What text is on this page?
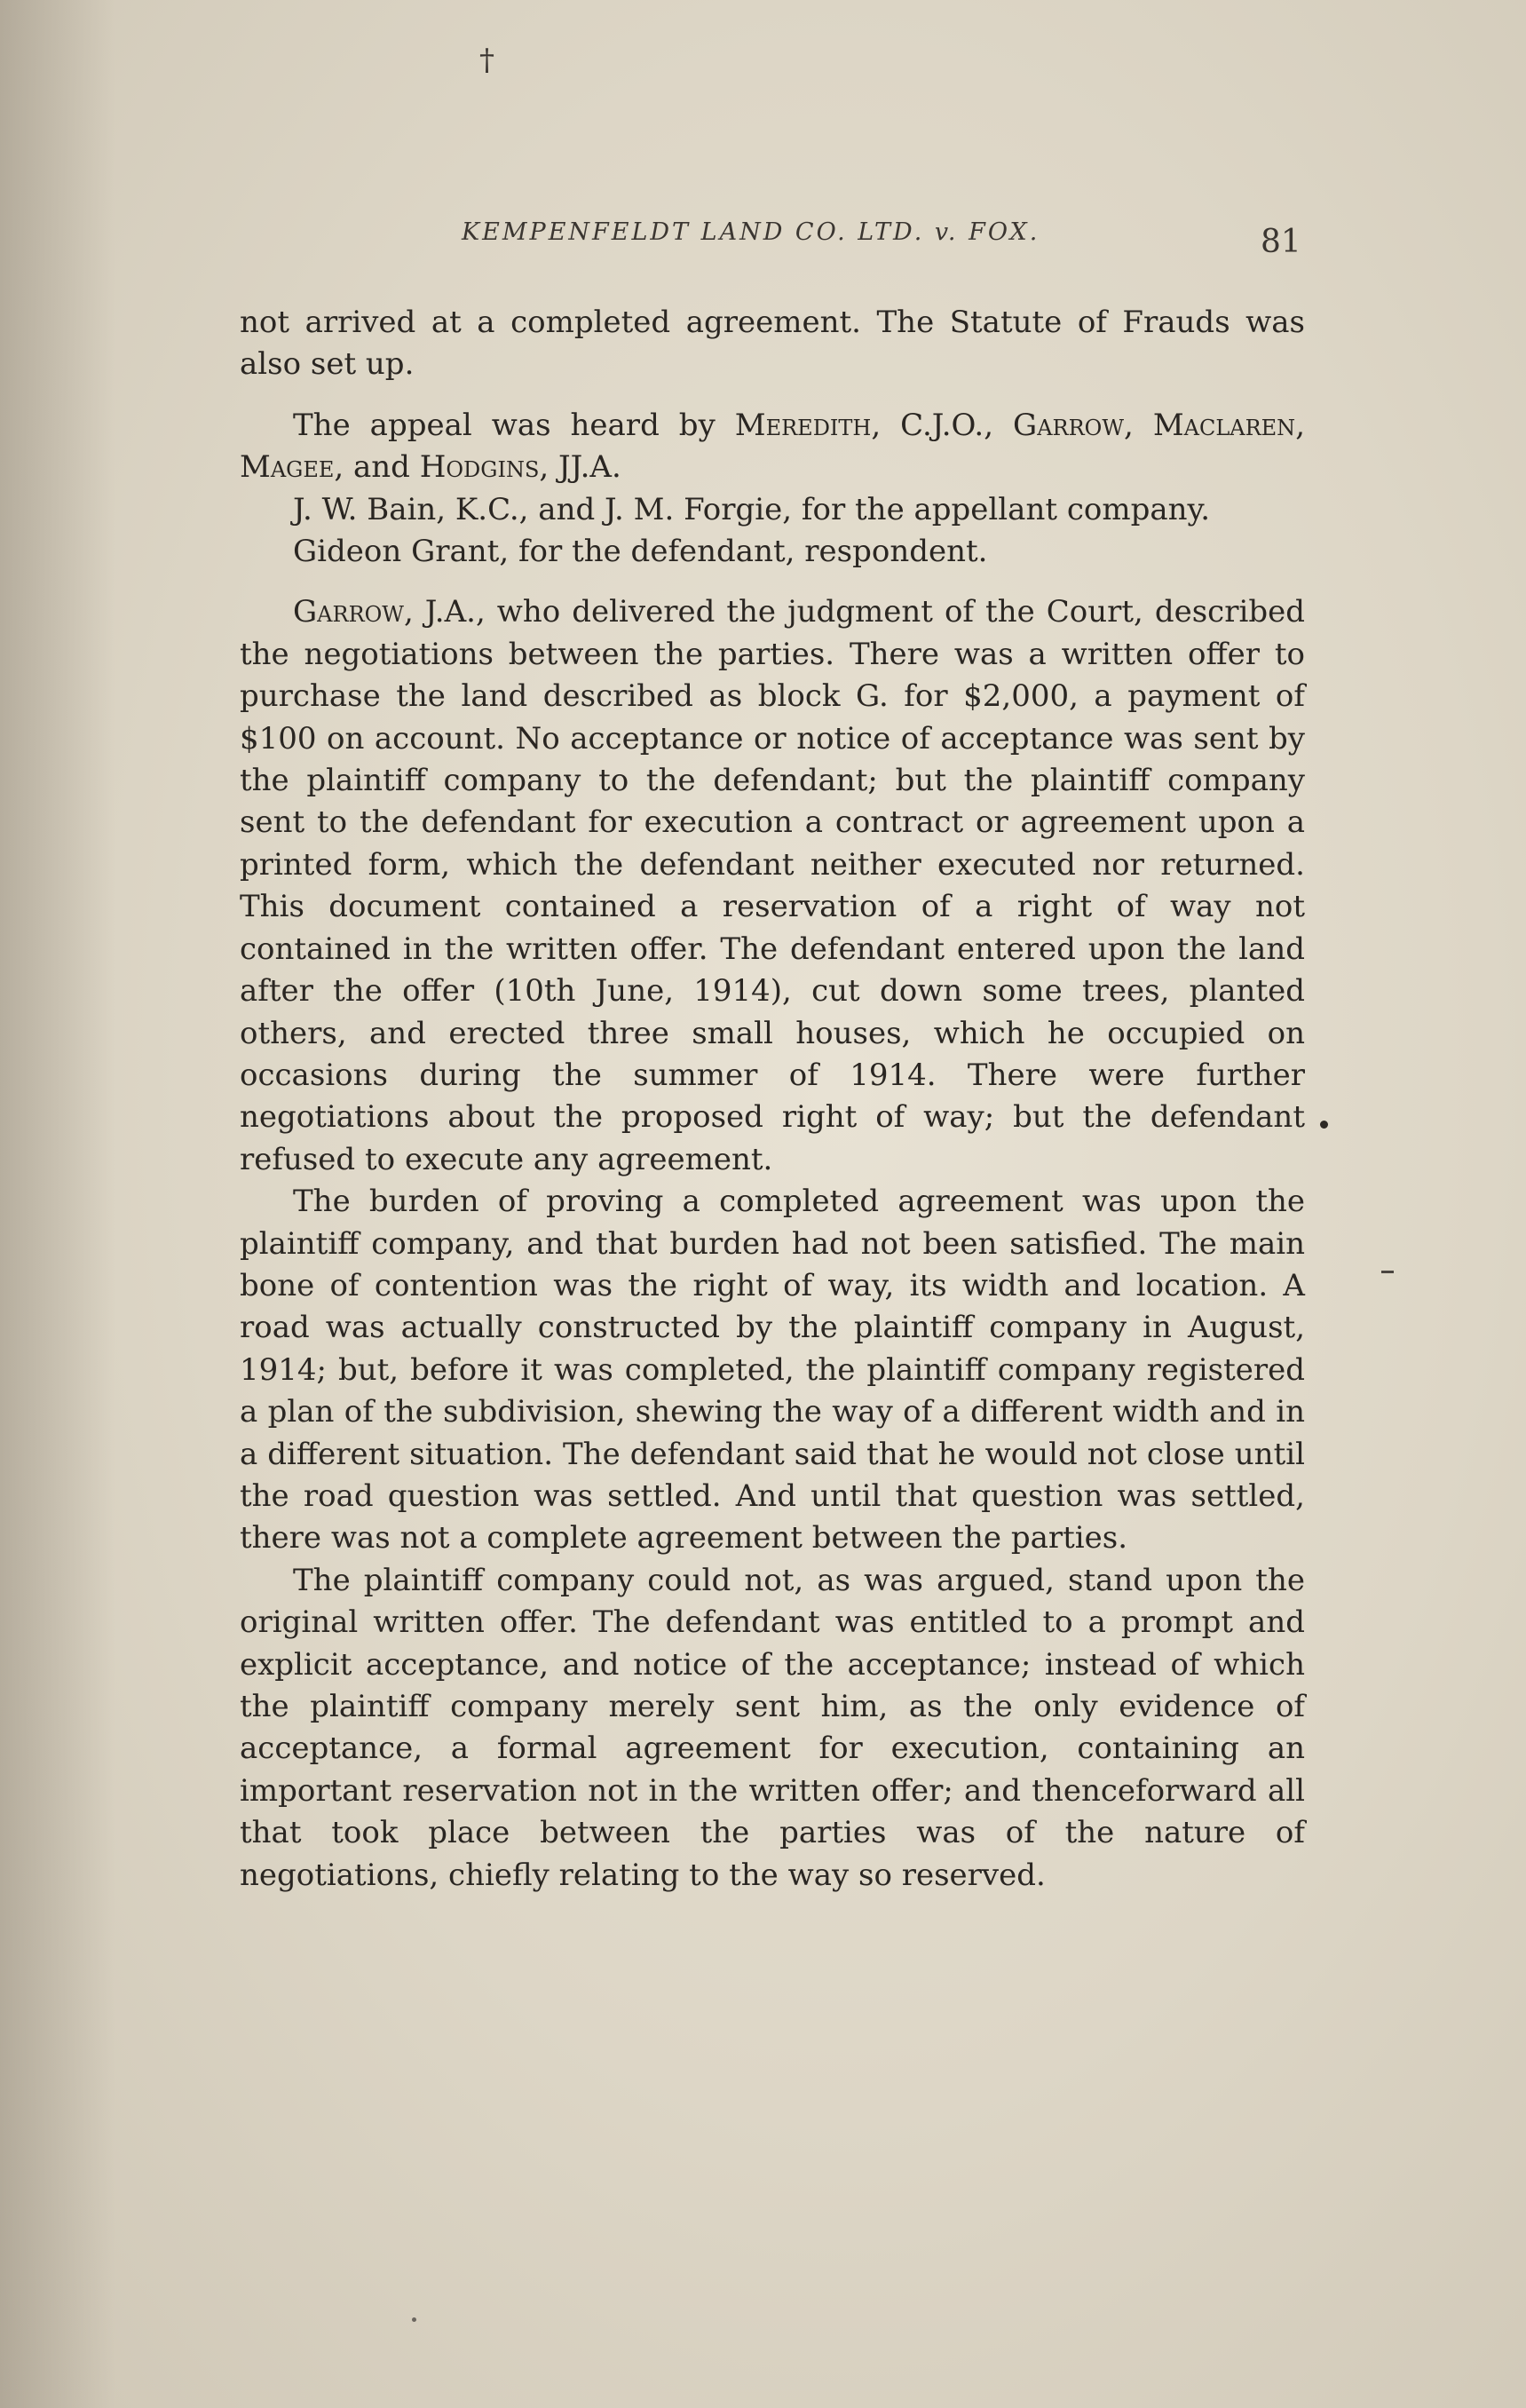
†
KEMPENFELDT LAND CO. LTD. v. FOX.	81

not arrived at a completed agreement. The Statute of Frauds was also set up.

The appeal was heard by Meredith, C.J.O., Garrow, Maclaren, Magee, and Hodgins, JJ.A.

J. W. Bain, K.C., and J. M. Forgie, for the appellant company.

Gideon Grant, for the defendant, respondent.

Garrow, J.A., who delivered the judgment of the Court, described the negotiations between the parties. There was a written offer to purchase the land described as block G. for $2,000, a payment of $100 on account. No acceptance or notice of acceptance was sent by the plaintiff company to the defendant; but the plaintiff company sent to the defendant for execution a contract or agreement upon a printed form, which the defendant neither executed nor returned. This document contained a reservation of a right of way not contained in the written offer. The defendant entered upon the land after the offer (10th June, 1914), cut down some trees, planted others, and erected three small houses, which he occupied on occasions during the summer of 1914. There were further negotiations about the proposed right of way; but the defendant refused to execute any agreement.

The burden of proving a completed agreement was upon the plaintiff company, and that burden had not been satisfied. The main bone of contention was the right of way, its width and location. A road was actually constructed by the plaintiff company in August, 1914; but, before it was completed, the plaintiff company registered a plan of the subdivision, shewing the way of a different width and in a different situation. The defendant said that he would not close until the road question was settled. And until that question was settled, there was not a complete agreement between the parties.

The plaintiff company could not, as was argued, stand upon the original written offer. The defendant was entitled to a prompt and explicit acceptance, and notice of the acceptance; instead of which the plaintiff company merely sent him, as the only evidence of acceptance, a formal agreement for execution, containing an important reservation not in the written offer; and thenceforward all that took place between the parties was of the nature of negotiations, chiefly relating to the way so reserved.
